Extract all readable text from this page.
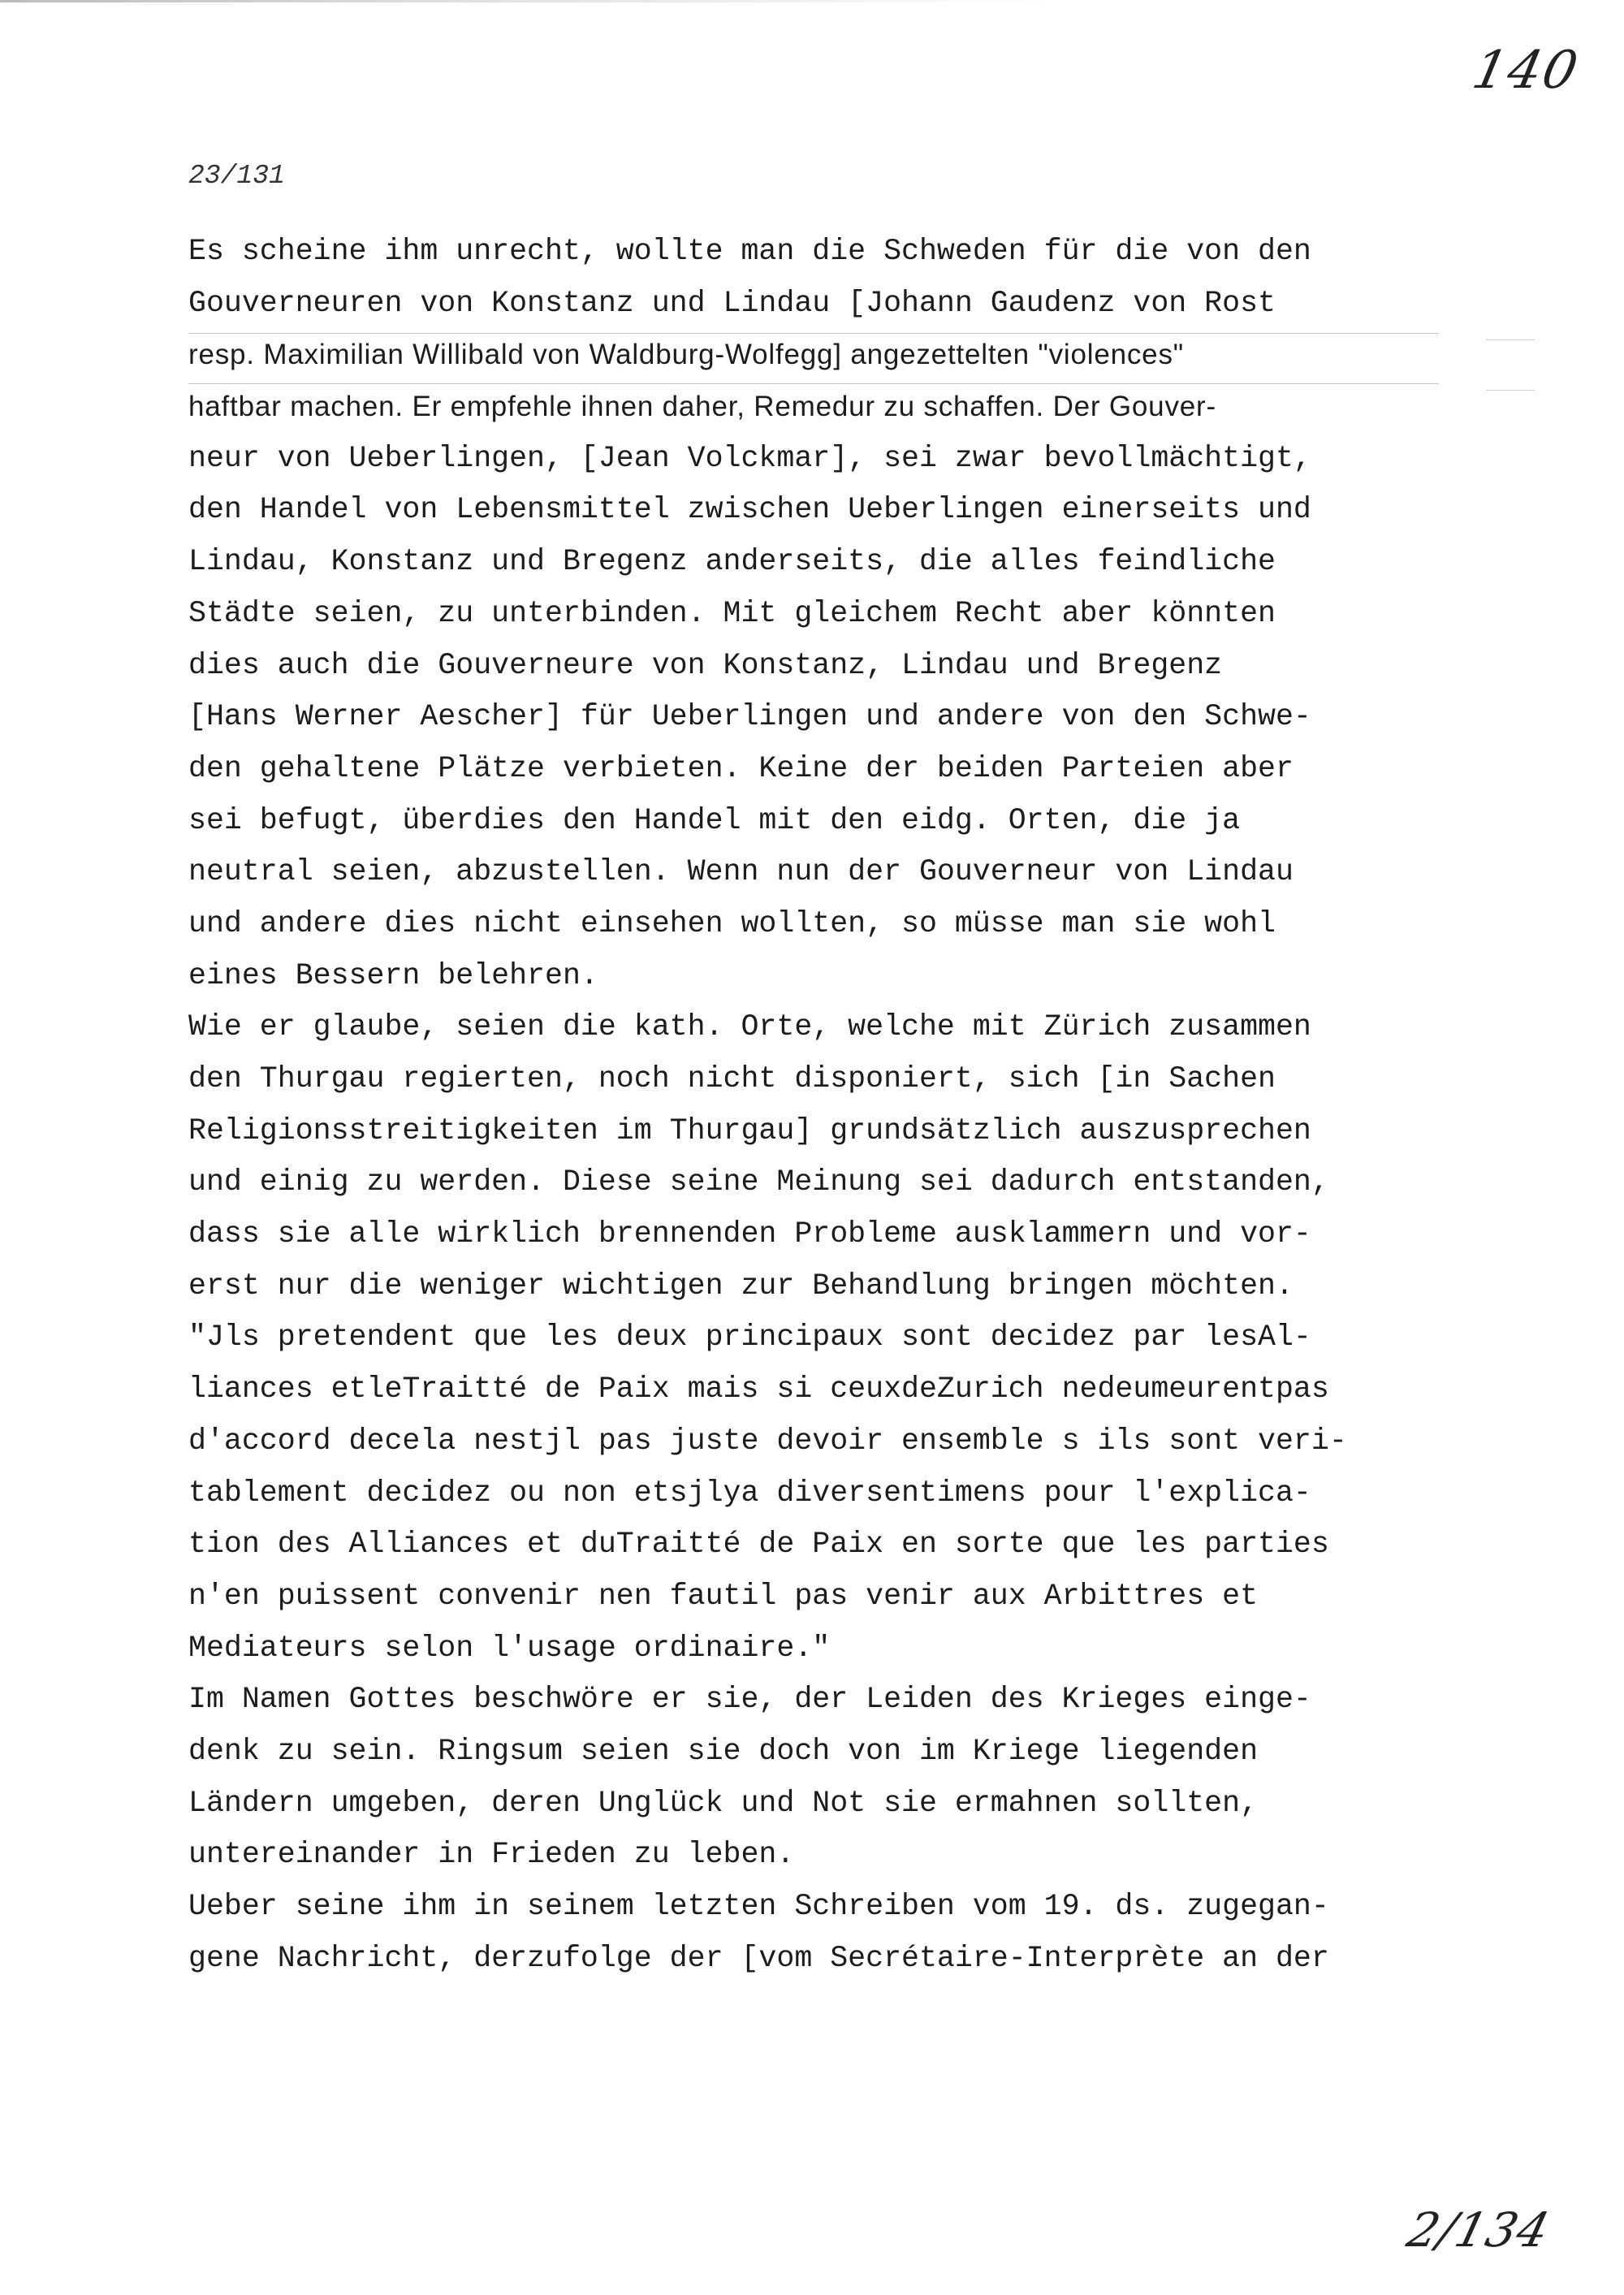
140
23/131
Es scheine ihm unrecht, wollte man die Schweden für die von den
Gouverneuren von Konstanz und Lindau [Johann Gaudenz von Rost
resp. Maximilian Willibald von Waldburg-Wolfegg] angezettelten "violences"
haftbar machen. Er empfehle ihnen daher, Remedur zu schaffen. Der Gouver-
neur von Ueberlingen, [Jean Volckmar], sei zwar bevollmächtigt,
den Handel von Lebensmittel zwischen Ueberlingen einerseits und
Lindau, Konstanz und Bregenz anderseits, die alles feindliche
Städte seien, zu unterbinden. Mit gleichem Recht aber könnten
dies auch die Gouverneure von Konstanz, Lindau und Bregenz
[Hans Werner Aescher] für Ueberlingen und andere von den Schwe-
den gehaltene Plätze verbieten. Keine der beiden Parteien aber
sei befugt, überdies den Handel mit den eidg. Orten, die ja
neutral seien, abzustellen. Wenn nun der Gouverneur von Lindau
und andere dies nicht einsehen wollten, so müsse man sie wohl
eines Bessern belehren.
Wie er glaube, seien die kath. Orte, welche mit Zürich zusammen
den Thurgau regierten, noch nicht disponiert, sich [in Sachen
Religionsstreitigkeiten im Thurgau] grundsätzlich auszusprechen
und einig zu werden. Diese seine Meinung sei dadurch entstanden,
dass sie alle wirklich brennenden Probleme ausklammern und vor-
erst nur die weniger wichtigen zur Behandlung bringen möchten.
"Jls pretendent que les deux principaux sont decidez par lesAl-
liances etleTraitté de Paix mais si ceuxdeZurich nedeumeurentpas
d'accord decela nestjl pas juste devoir ensemble s ils sont veri-
tablement decidez ou non etsjlya diversentimens pour l'explica-
tion des Alliances et duTraitté de Paix en sorte que les parties
n'en puissent convenir nen fautil pas venir aux Arbittres et
Mediateurs selon l'usage ordinaire."
Im Namen Gottes beschwöre er sie, der Leiden des Krieges einge-
denk zu sein. Ringsum seien sie doch von im Kriege liegenden
Ländern umgeben, deren Unglück und Not sie ermahnen sollten,
untereinander in Frieden zu leben.
Ueber seine ihm in seinem letzten Schreiben vom 19. ds. zugegan-
gene Nachricht, derzufolge der [vom Secrétaire-Interprète an der
2/134
